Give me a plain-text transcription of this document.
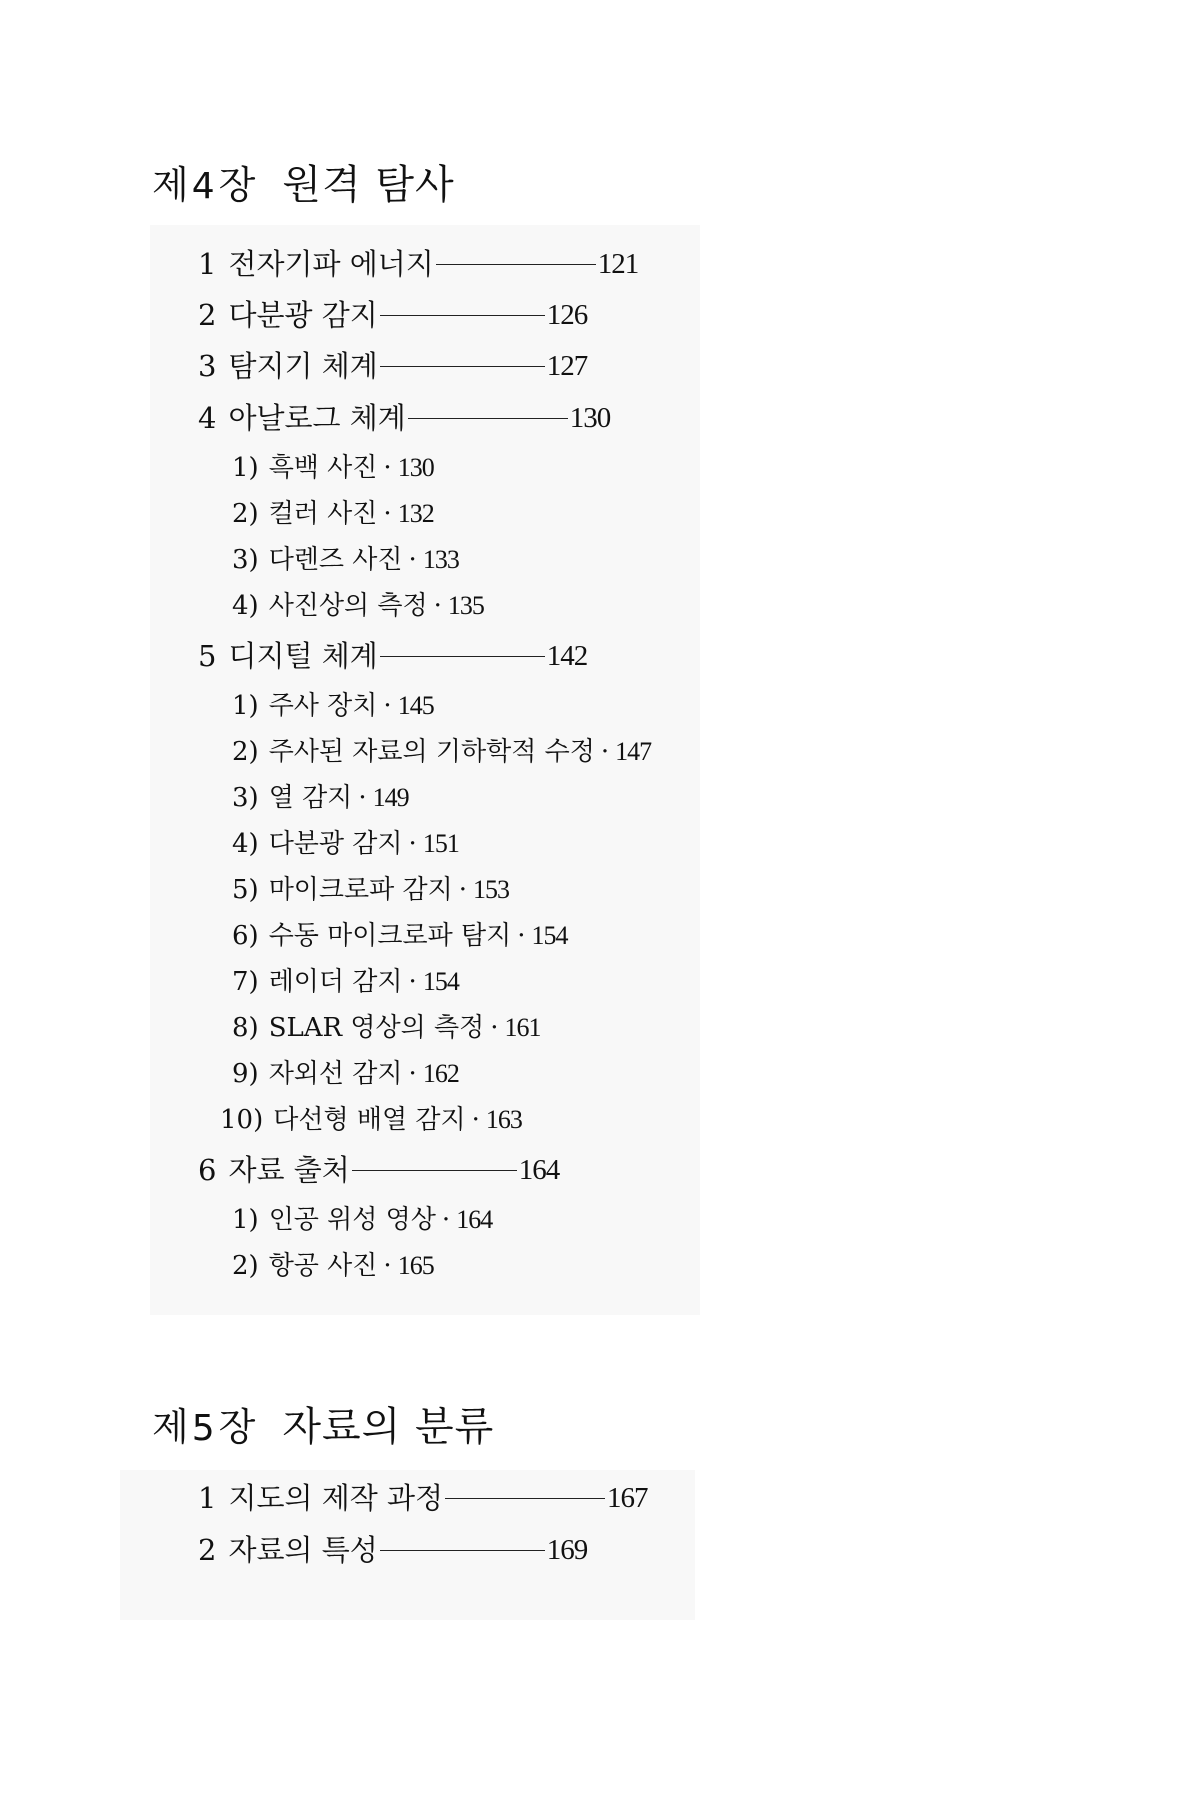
제4장 원격 탐사
1 전자기파 에너지	121
2 다분광 감지	126
3 탐지기 체계	127
4 아날로그 체계	130
1) 흑백 사진 · 130
2) 컬러 사진 · 132
3) 다렌즈 사진 · 133
4) 사진상의 측정 · 135
5 디지털 체계	142
1) 주사 장치 · 145
2) 주사된 자료의 기하학적 수정 · 147
3) 열 감지 · 149
4) 다분광 감지 · 151
5) 마이크로파 감지 · 153
6) 수동 마이크로파 탐지 · 154
7) 레이더 감지 · 154
8) SLAR 영상의 측정 · 161
9) 자외선 감지 · 162
10) 다선형 배열 감지 · 163
6 자료 출처	164
1) 인공 위성 영상 · 164
2) 항공 사진 · 165
제5장 자료의 분류
1 지도의 제작 과정	167
2 자료의 특성	169
